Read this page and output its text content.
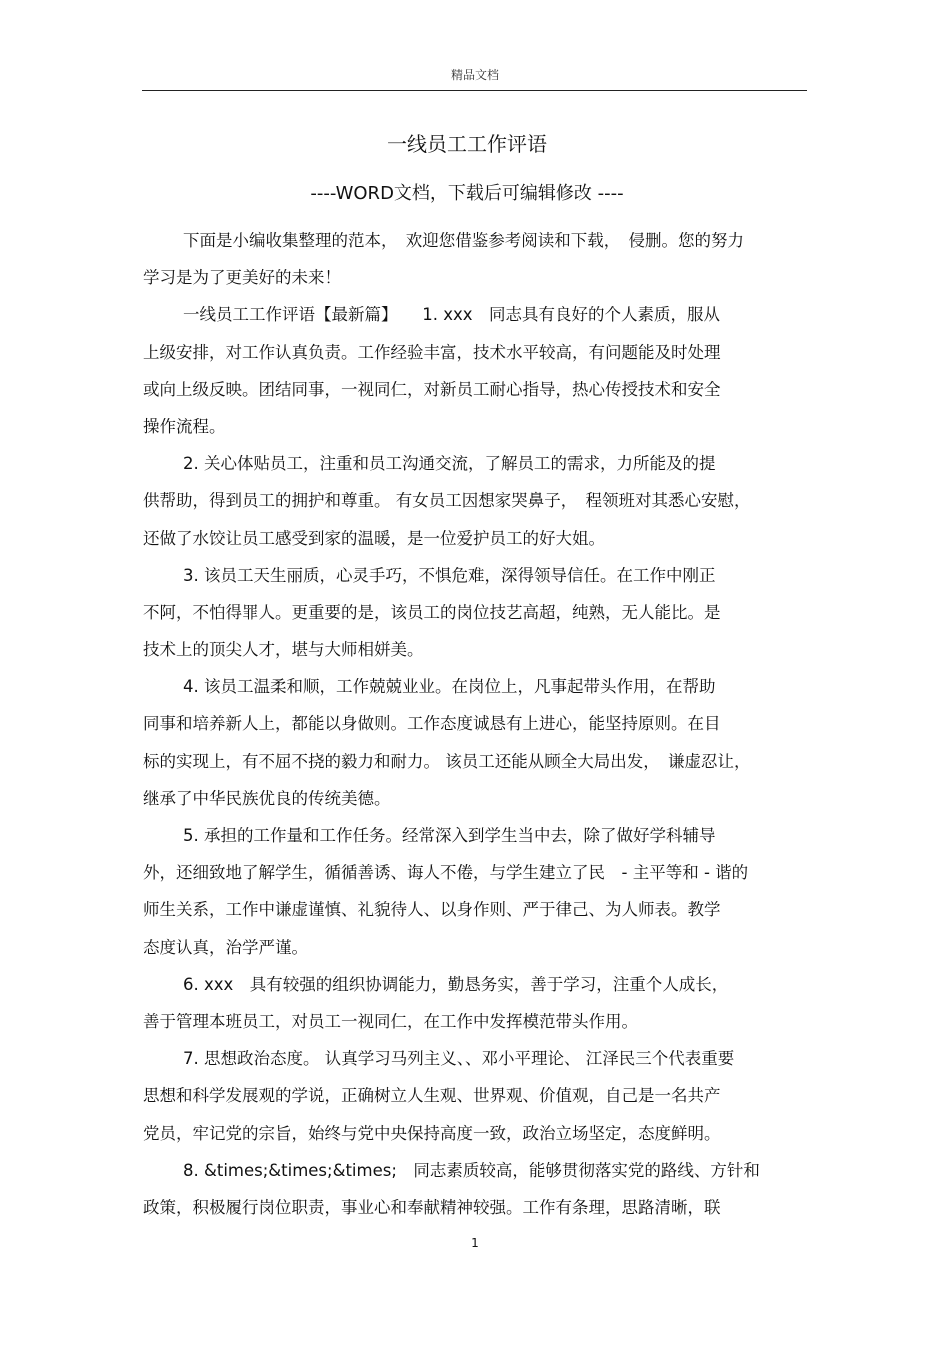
精品文档
一线员工工作评语
----WORD文档，下载后可编辑修改 ----
下面是小编收集整理的范本，　欢迎您借鉴参考阅读和下载，　侵删。您的努力
学习是为了更美好的未来！
一线员工工作评语【最新篇】　　1. xxx　同志具有良好的个人素质，服从
上级安排，对工作认真负责。工作经验丰富，技术水平较高，有问题能及时处理
或向上级反映。团结同事，一视同仁，对新员工耐心指导，热心传授技术和安全
操作流程。
2. 关心体贴员工，注重和员工沟通交流，了解员工的需求，力所能及的提
供帮助，得到员工的拥护和尊重。 有女员工因想家哭鼻子，　程领班对其悉心安慰，
还做了水饺让员工感受到家的温暖，是一位爱护员工的好大姐。
3. 该员工天生丽质，心灵手巧，不惧危难，深得领导信任。在工作中刚正
不阿，不怕得罪人。更重要的是，该员工的岗位技艺高超，纯熟，无人能比。是
技术上的顶尖人才，堪与大师相姘美。
4. 该员工温柔和顺，工作兢兢业业。在岗位上，凡事起带头作用，在帮助
同事和培养新人上，都能以身做则。工作态度诚恳有上进心，能坚持原则。在目
标的实现上，有不屈不挠的毅力和耐力。 该员工还能从顾全大局出发，　谦虚忍让，
继承了中华民族优良的传统美德。
5. 承担的工作量和工作任务。经常深入到学生当中去，除了做好学科辅导
外，还细致地了解学生，循循善诱、诲人不倦，与学生建立了民　- 主平等和 - 谐的
师生关系，工作中谦虚谨慎、礼貌待人、以身作则、严于律己、为人师表。教学
态度认真，治学严谨。
6. xxx　具有较强的组织协调能力，勤恳务实，善于学习，注重个人成长，
善于管理本班员工，对员工一视同仁，在工作中发挥模范带头作用。
7. 思想政治态度。 认真学习马列主义、、邓小平理论、 江泽民三个代表重要
思想和科学发展观的学说，正确树立人生观、世界观、价值观，自己是一名共产
党员，牢记党的宗旨，始终与党中央保持高度一致，政治立场坚定，态度鲜明。
8. &times;&times;&times;　同志素质较高，能够贯彻落实党的路线、方针和
政策，积极履行岗位职责，事业心和奉献精神较强。工作有条理，思路清晰，联
1
